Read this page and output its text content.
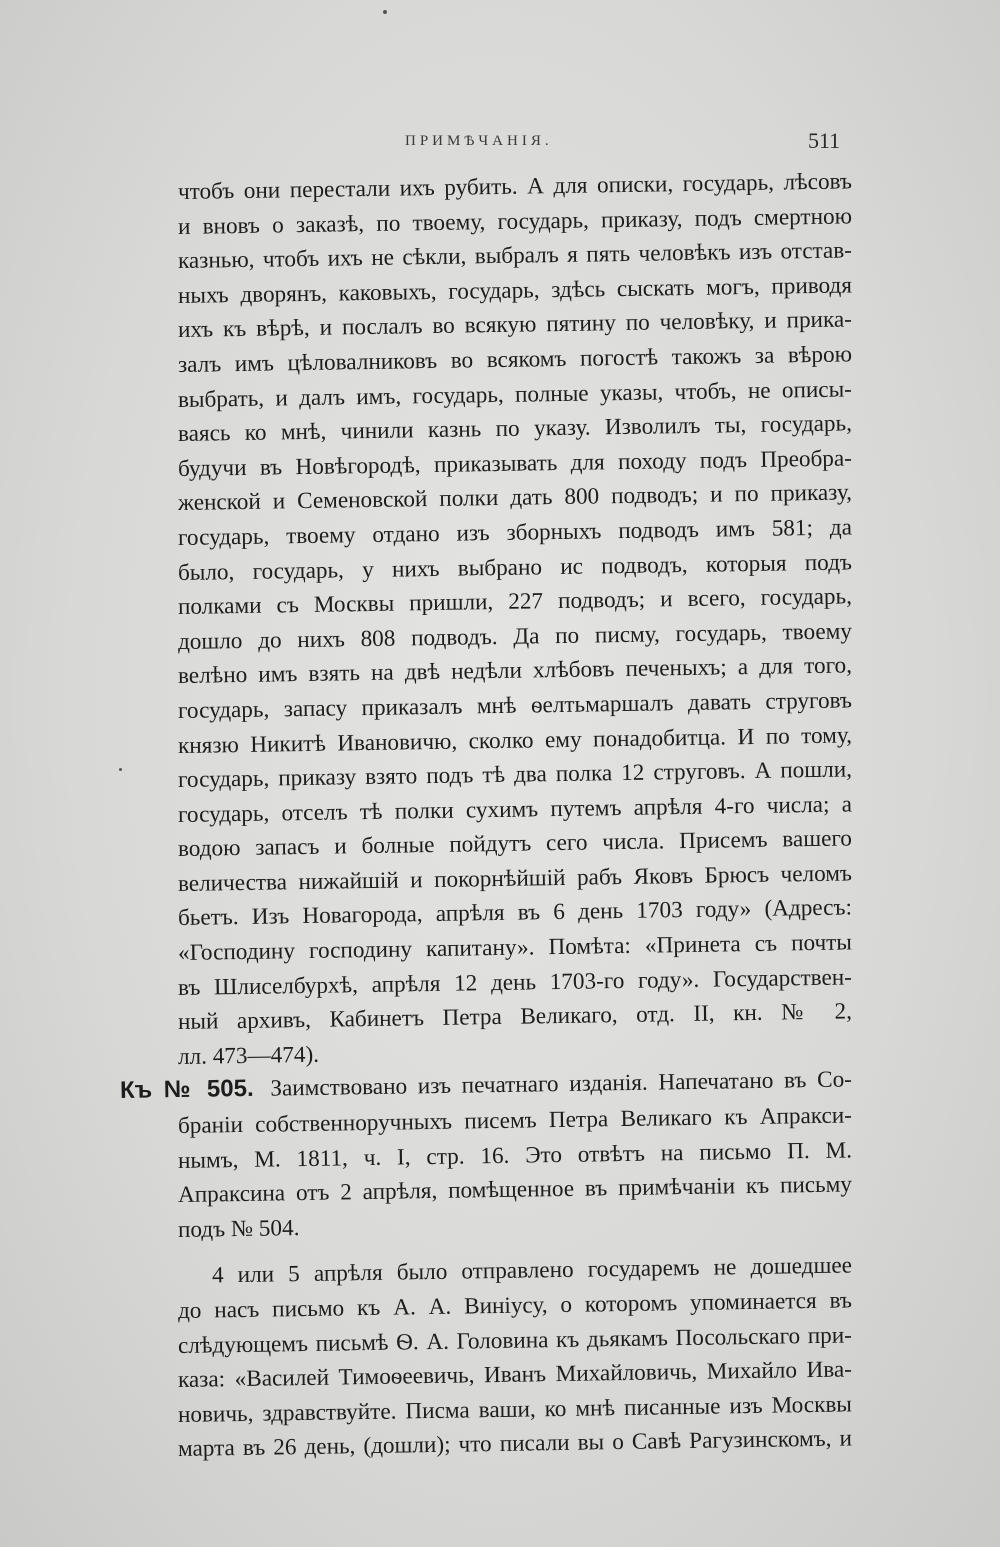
ПРИМѢЧАНІЯ.	511
чтобъ они перестали ихъ рубить. А для описки, государь, лѣсовъ
и вновъ о заказѣ, по твоему, государь, приказу, подъ смертною
казнью, чтобъ ихъ не сѣкли, выбралъ я пять человѣкъ изъ отстав-
ныхъ дворянъ, каковыхъ, государь, здѣсь сыскать могъ, приводя
ихъ къ вѣрѣ, и послалъ во всякую пятину по человѣку, и прика-
залъ имъ цѣловалниковъ во всякомъ погостѣ такожъ за вѣрою
выбрать, и далъ имъ, государь, полные указы, чтобъ, не описы-
ваясь ко мнѣ, чинили казнь по указу. Изволилъ ты, государь,
будучи въ Новѣгородѣ, приказывать для походу подъ Преобра-
женской и Семеновской полки дать 800 подводъ; и по приказу,
государь, твоему отдано изъ зборныхъ подводъ имъ 581; да
было, государь, у нихъ выбрано ис подводъ, которыя подъ
полками съ Москвы пришли, 227 подводъ; и всего, государь,
дошло до нихъ 808 подводъ. Да по писму, государь, твоему
велѣно имъ взять на двѣ недѣли хлѣбовъ печеныхъ; а для того,
государь, запасу приказалъ мнѣ ѳелтьмаршалъ давать струговъ
князю Никитѣ Ивановичю, сколко ему понадобитца. И по тому,
государь, приказу взято подъ тѣ два полка 12 струговъ. А пошли,
государь, отселъ тѣ полки сухимъ путемъ апрѣля 4-го числа; а
водою запасъ и болные пойдутъ сего числа. Присемъ вашего
величества нижайшій и покорнѣйшій рабъ Яковъ Брюсъ челомъ
бьетъ. Изъ Новагорода, апрѣля въ 6 день 1703 году» (Адресъ:
«Господину господину капитану». Помѣта: «Принета съ почты
въ Шлиселбурхѣ, апрѣля 12 день 1703-го году». Государствен-
ный архивъ, Кабинетъ Петра Великаго, отд. II, кн. № 2,
лл. 473—474).
Къ № 505. Заимствовано изъ печатнаго изданія. Напечатано въ Со-
браніи собственноручныхъ писемъ Петра Великаго къ Апракси-
нымъ, М. 1811, ч. I, стр. 16. Это отвѣтъ на письмо П. М.
Апраксина отъ 2 апрѣля, помѣщенное въ примѣчаніи къ письму
подъ № 504.
4 или 5 апрѣля было отправлено государемъ не дошедшее
до насъ письмо къ А. А. Виніусу, о которомъ упоминается въ
слѣдующемъ письмѣ Ѳ. А. Головина къ дьякамъ Посольскаго при-
каза: «Василей Тимоѳеевичь, Иванъ Михайловичь, Михайло Ива-
новичь, здравствуйте. Писма ваши, ко мнѣ писанные изъ Москвы
марта въ 26 день, (дошли); что писали вы о Савѣ Рагузинскомъ, и
